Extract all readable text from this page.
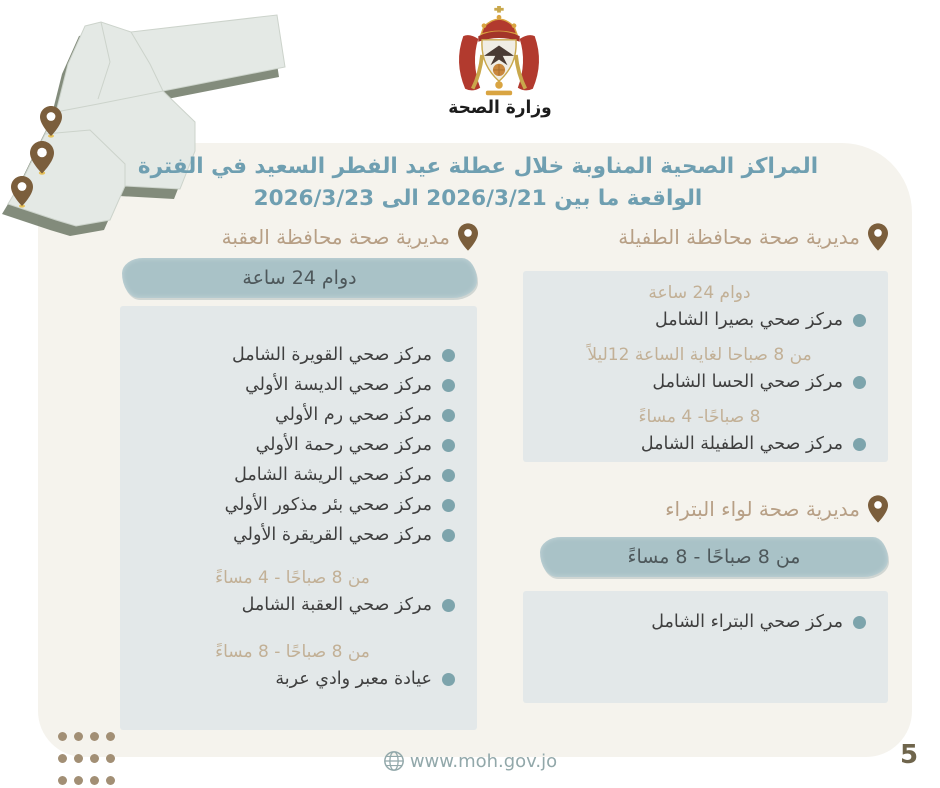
وزارة الصحة
المراكز الصحية المناوبة خلال عطلة عيد الفطر السعيد في الفترة
الواقعة ما بين 2026/3/21 الى 2026/3/23
مديرية صحة محافظة العقبة
دوام 24 ساعة
مركز صحي القويرة الشامل
مركز صحي الديسة الأولي
مركز صحي رم الأولي
مركز صحي رحمة الأولي
مركز صحي الريشة الشامل
مركز صحي بئر مذكور الأولي
مركز صحي القريقرة الأولي
من 8 صباحًا - 4 مساءً
مركز صحي العقبة الشامل
من 8 صباحًا - 8 مساءً
عيادة معبر وادي عربة
مديرية صحة محافظة الطفيلة
دوام 24 ساعة
مركز صحي بصيرا الشامل
من 8 صباحا لغاية الساعة 12ليلاً
مركز صحي الحسا الشامل
8 صباحًا- 4 مساءً
مركز صحي الطفيلة الشامل
مديرية صحة لواء البتراء
من 8 صباحًا - 8 مساءً
مركز صحي البتراء الشامل
www.moh.gov.jo	5
